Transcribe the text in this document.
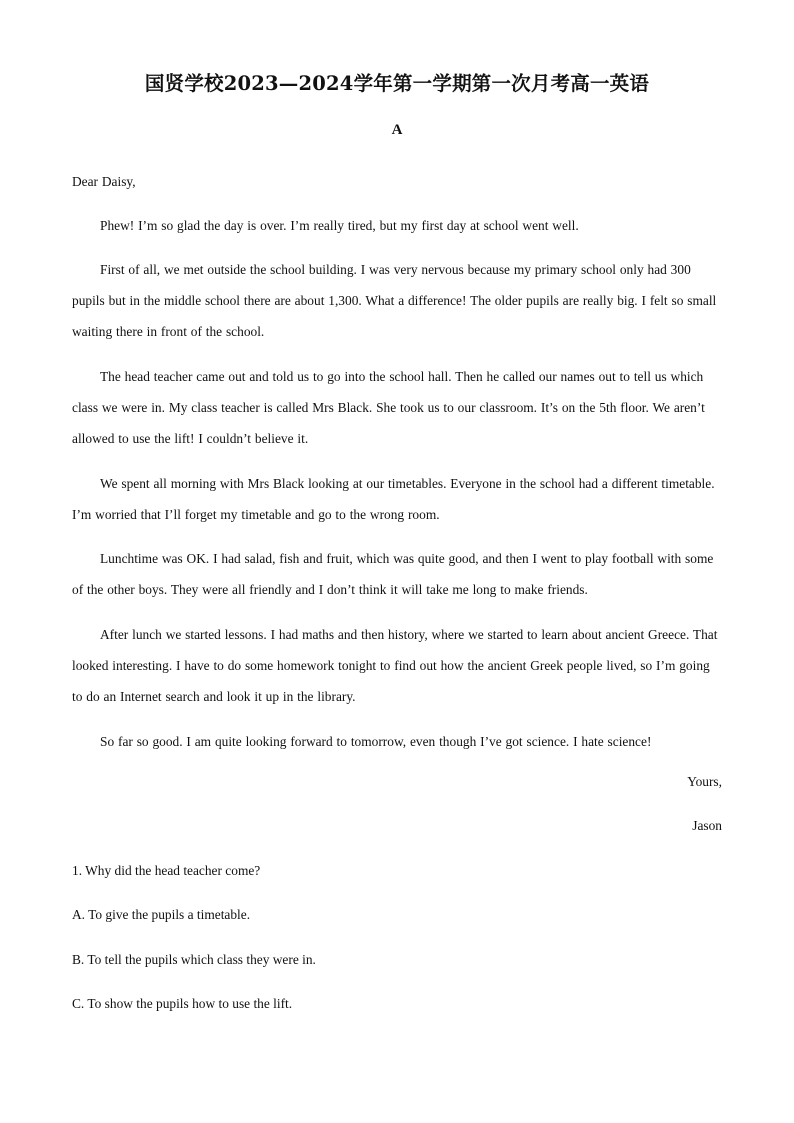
国贤学校2023—2024学年第一学期第一次月考高一英语
A
Dear Daisy,

Phew! I’m so glad the day is over. I’m really tired, but my first day at school went well.

First of all, we met outside the school building. I was very nervous because my primary school only had 300 pupils but in the middle school there are about 1,300. What a difference! The older pupils are really big. I felt so small waiting there in front of the school.

The head teacher came out and told us to go into the school hall. Then he called our names out to tell us which class we were in. My class teacher is called Mrs Black. She took us to our classroom. It’s on the 5th floor. We aren’t allowed to use the lift! I couldn’t believe it.

We spent all morning with Mrs Black looking at our timetables. Everyone in the school had a different timetable. I’m worried that I’ll forget my timetable and go to the wrong room.

Lunchtime was OK. I had salad, fish and fruit, which was quite good, and then I went to play football with some of the other boys. They were all friendly and I don’t think it will take me long to make friends.

After lunch we started lessons. I had maths and then history, where we started to learn about ancient Greece. That looked interesting. I have to do some homework tonight to find out how the ancient Greek people lived, so I’m going to do an Internet search and look it up in the library.

So far so good. I am quite looking forward to tomorrow, even though I’ve got science. I hate science!

Yours,
Jason
1. Why did the head teacher come?
A. To give the pupils a timetable.
B. To tell the pupils which class they were in.
C. To show the pupils how to use the lift.
